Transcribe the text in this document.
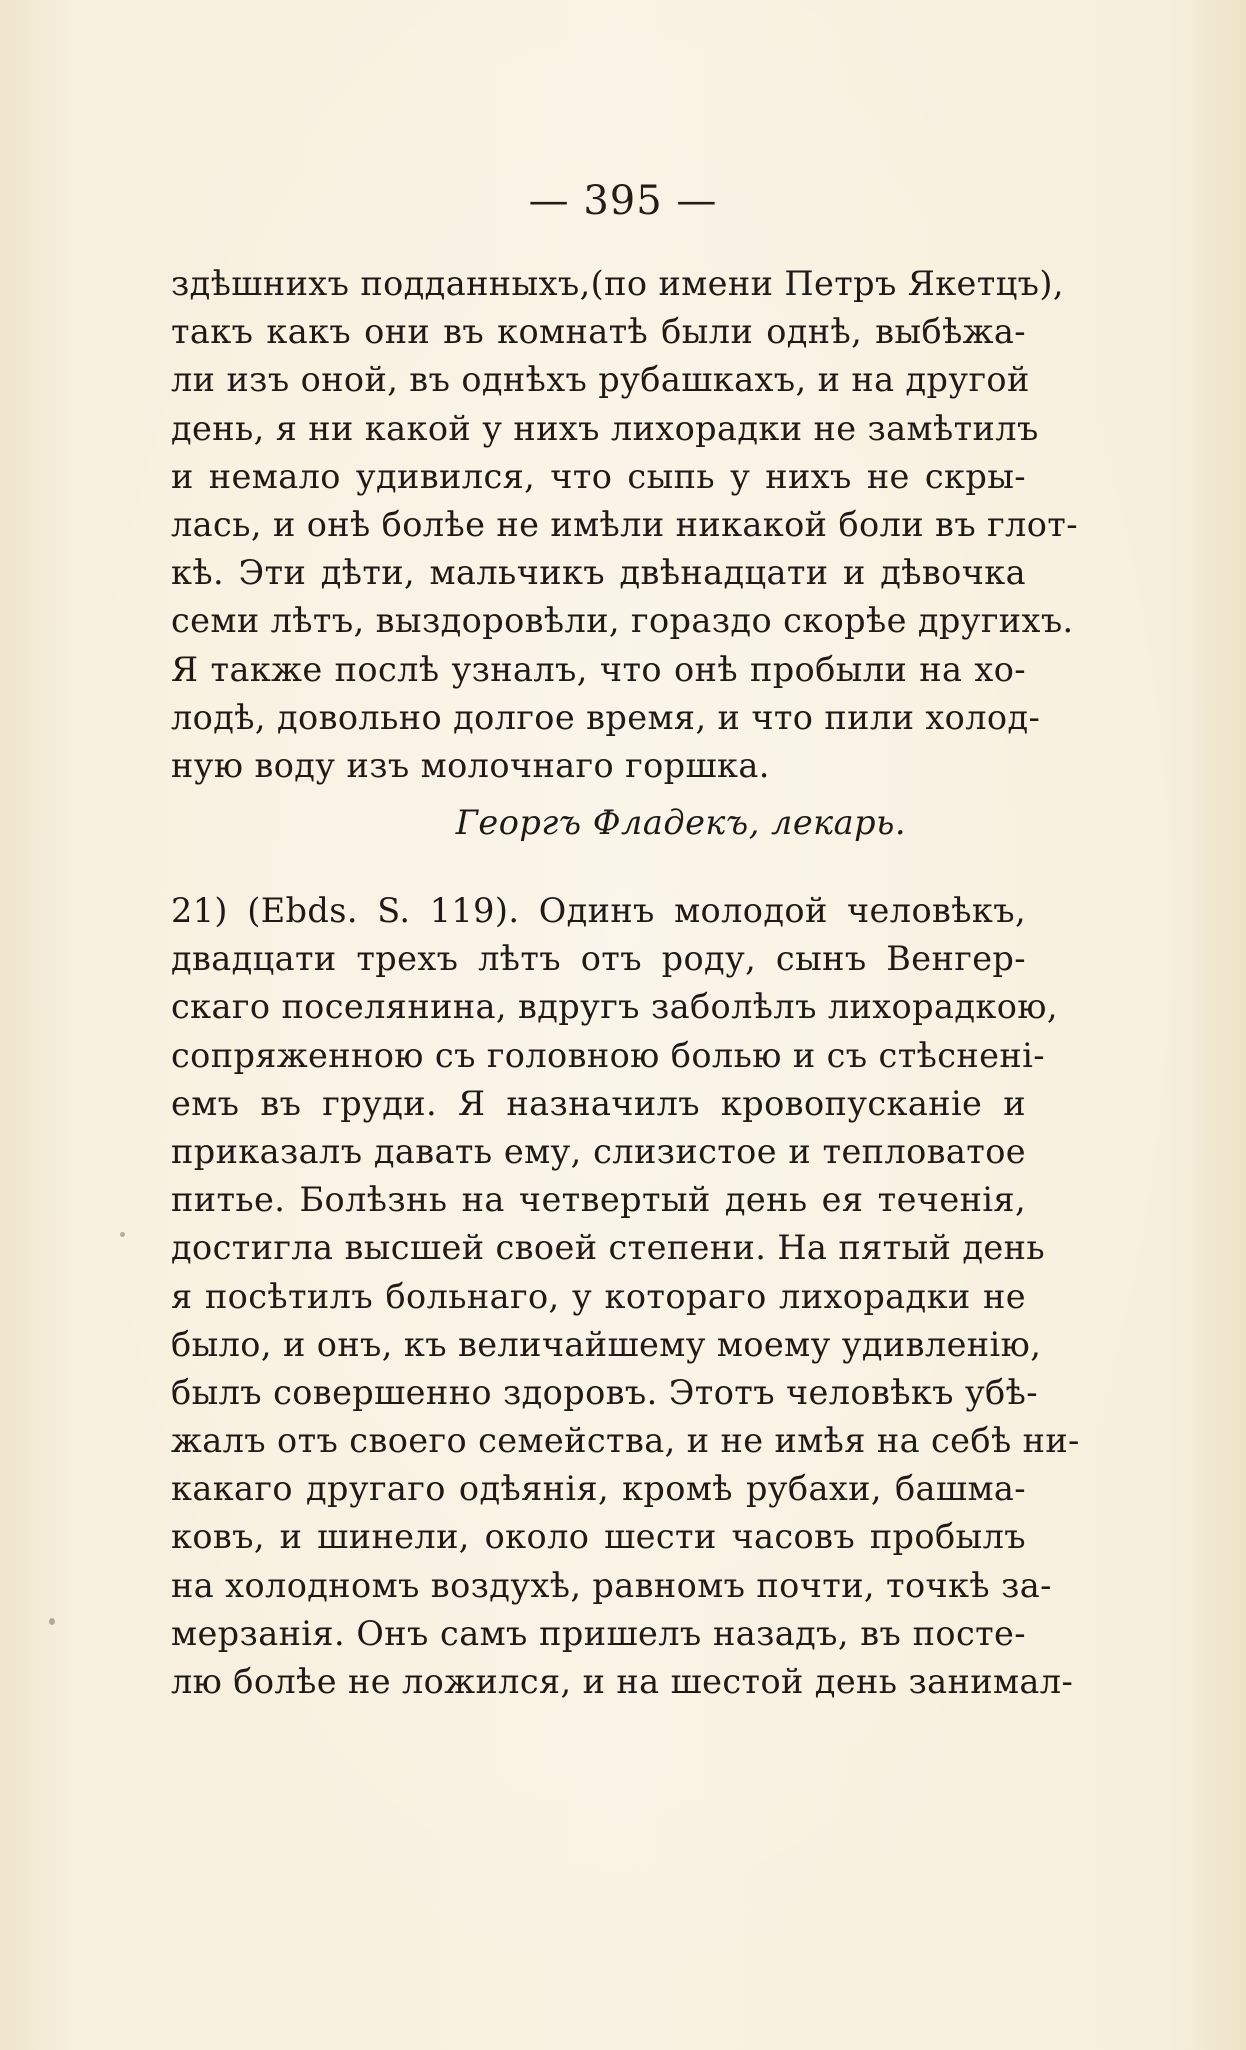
— 395 —
здѣшнихъ подданныхъ,(по имени Петръ Якетцъ),
такъ какъ они въ комнатѣ были однѣ, выбѣжа-
ли изъ оной, въ однѣхъ рубашкахъ, и на другой
день, я ни какой у нихъ лихорадки не замѣтилъ
и немало удивился, что сыпь у нихъ не скры-
лась, и онѣ болѣе не имѣли никакой боли въ глот-
кѣ. Эти дѣти, мальчикъ двѣнадцати и дѣвочка
семи лѣтъ, выздоровѣли, гораздо скорѣе другихъ.
Я также послѣ узналъ, что онѣ пробыли на хо-
лодѣ, довольно долгое время, и что пили холод-
ную воду изъ молочнаго горшка.
Георгъ Фладекъ, лекарь.
21) (Ebds. S. 119). Одинъ молодой человѣкъ,
двадцати трехъ лѣтъ отъ роду, сынъ Венгер-
скаго поселянина, вдругъ заболѣлъ лихорадкою,
сопряженною съ головною болью и съ стѣсненi-
емъ въ груди. Я назначилъ кровопусканiе и
приказалъ давать ему, слизистое и тепловатое
питье. Болѣзнь на четвертый день ея теченiя,
достигла высшей своей степени. На пятый день
я посѣтилъ больнаго, у котораго лихорадки не
было, и онъ, къ величайшему моему удивленiю,
былъ совершенно здоровъ. Этотъ человѣкъ убѣ-
жалъ отъ своего семейства, и не имѣя на себѣ ни-
какаго другаго одѣянiя, кромѣ рубахи, башма-
ковъ, и шинели, около шести часовъ пробылъ
на холодномъ воздухѣ, равномъ почти, точкѣ за-
мерзанiя. Онъ самъ пришелъ назадъ, въ посте-
лю болѣе не ложился, и на шестой день занимал-
